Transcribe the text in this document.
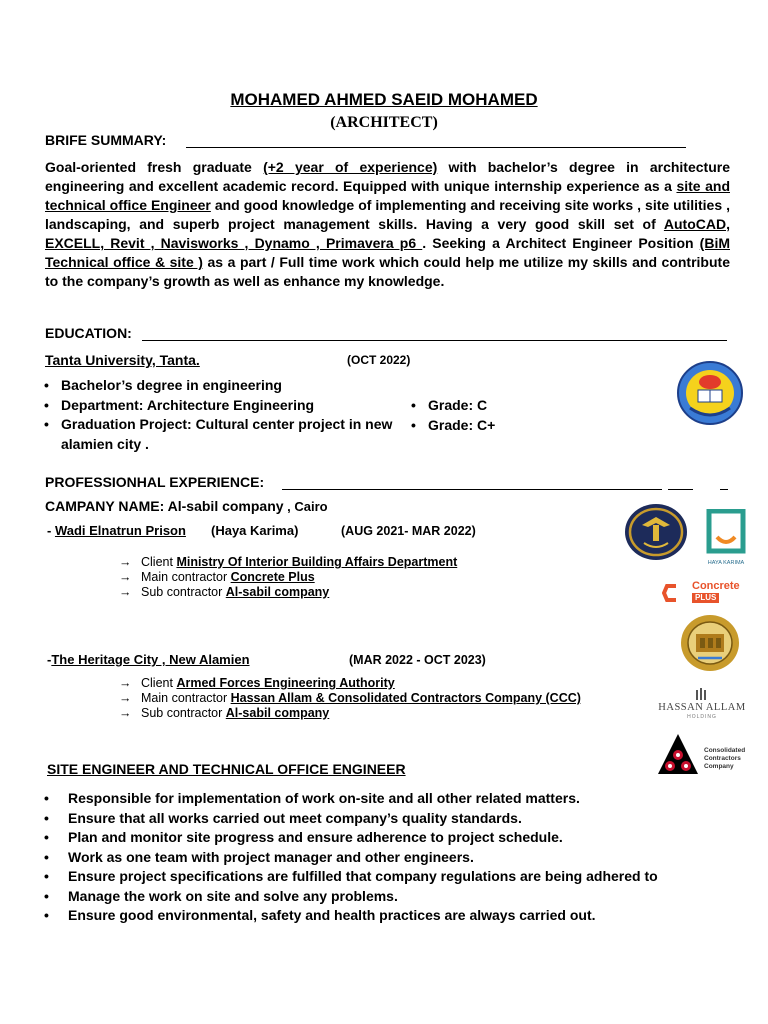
MOHAMED AHMED SAEID MOHAMED
(ARCHITECT)
BRIFE SUMMARY:
Goal-oriented fresh graduate (+2 year of experience) with bachelor’s degree in architecture engineering and excellent academic record. Equipped with unique internship experience as a site and technical office Engineer and good knowledge of implementing and receiving site works , site utilities , landscaping, and superb project management skills. Having a very good skill set of AutoCAD, EXCELL, Revit , Navisworks , Dynamo , Primavera p6 . Seeking a Architect Engineer Position (BiM Technical office & site ) as a part / Full time work which could help me utilize my skills and contribute to the company’s growth as well as enhance my knowledge.
EDUCATION:
Tanta University, Tanta.	(OCT 2022)
• Bachelor’s degree in engineering
• Department: Architecture Engineering
• Graduation Project: Cultural center project in new alamien city .
• Grade: C
• Grade: C+
PROFESSIONHAL EXPERIENCE:
CAMPANY NAME: Al-sabil company , Cairo
- Wadi Elnatrun Prison (Haya Karima)	(AUG 2021- MAR 2022)
→ Client Ministry Of Interior Building Affairs Department
→ Main contractor Concrete Plus
→ Sub contractor Al-sabil company
-The Heritage City , New Alamien	(MAR 2022 - OCT 2023)
→ Client Armed Forces Engineering Authority
→ Main contractor Hassan Allam & Consolidated Contractors Company (CCC)
→ Sub contractor Al-sabil company
HAYA KARIMA
Concrete
PLUS
HASSAN ALLAM
HOLDING
Consolidated
Contractors
Company
SITE ENGINEER AND TECHNICAL OFFICE ENGINEER
• Responsible for implementation of work on-site and all other related matters.
• Ensure that all works carried out meet company’s quality standards.
• Plan and monitor site progress and ensure adherence to project schedule.
• Work as one team with project manager and other engineers.
• Ensure project specifications are fulfilled that company regulations are being adhered to
• Manage the work on site and solve any problems.
• Ensure good environmental, safety and health practices are always carried out.
